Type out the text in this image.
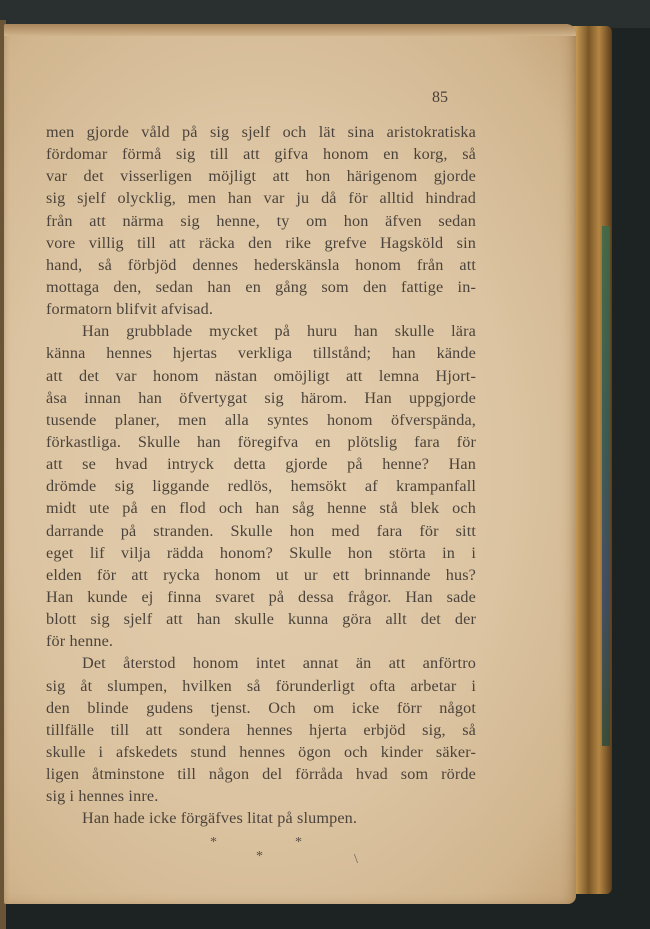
85
men gjorde våld på sig sjelf och lät sina aristokratiska
fördomar förmå sig till att gifva honom en korg, så
var det visserligen möjligt att hon härigenom gjorde
sig sjelf olycklig, men han var ju då för alltid hindrad
från att närma sig henne, ty om hon äfven sedan
vore villig till att räcka den rike grefve Hagsköld sin
hand, så förbjöd dennes hederskänsla honom från att
mottaga den, sedan han en gång som den fattige in-
formatorn blifvit afvisad.
Han grubblade mycket på huru han skulle lära
känna hennes hjertas verkliga tillstånd; han kände
att det var honom nästan omöjligt att lemna Hjort-
åsa innan han öfvertygat sig härom. Han uppgjorde
tusende planer, men alla syntes honom öfverspända,
förkastliga. Skulle han föregifva en plötslig fara för
att se hvad intryck detta gjorde på henne? Han
drömde sig liggande redlös, hemsökt af krampanfall
midt ute på en flod och han såg henne stå blek och
darrande på stranden. Skulle hon med fara för sitt
eget lif vilja rädda honom? Skulle hon störta in i
elden för att rycka honom ut ur ett brinnande hus?
Han kunde ej finna svaret på dessa frågor. Han sade
blott sig sjelf att han skulle kunna göra allt det der
för henne.
Det återstod honom intet annat än att anförtro
sig åt slumpen, hvilken så förunderligt ofta arbetar i
den blinde gudens tjenst. Och om icke förr något
tillfälle till att sondera hennes hjerta erbjöd sig, så
skulle i afskedets stund hennes ögon och kinder säker-
ligen åtminstone till någon del förråda hvad som rörde
sig i hennes inre.
Han hade icke förgäfves litat på slumpen.
*	*
*	\
